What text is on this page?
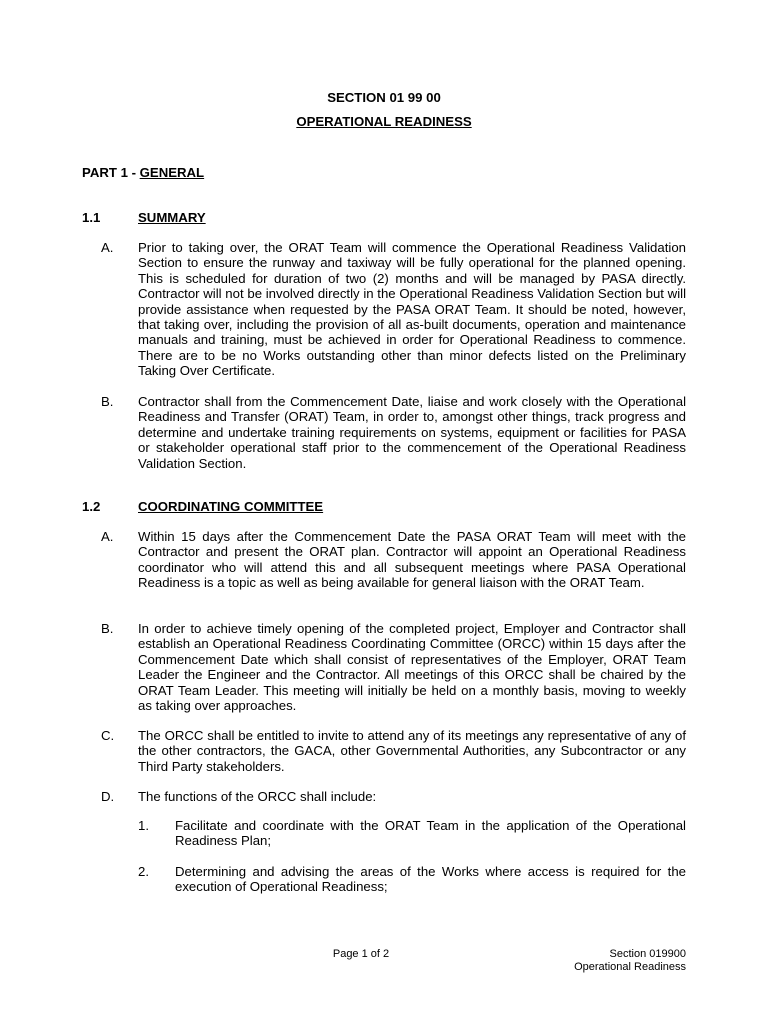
SECTION 01 99 00
OPERATIONAL READINESS
PART 1 - GENERAL
1.1	SUMMARY
A. Prior to taking over, the ORAT Team will commence the Operational Readiness Validation Section to ensure the runway and taxiway will be fully operational for the planned opening. This is scheduled for duration of two (2) months and will be managed by PASA directly. Contractor will not be involved directly in the Operational Readiness Validation Section but will provide assistance when requested by the PASA ORAT Team. It should be noted, however, that taking over, including the provision of all as-built documents, operation and maintenance manuals and training, must be achieved in order for Operational Readiness to commence. There are to be no Works outstanding other than minor defects listed on the Preliminary Taking Over Certificate.
B. Contractor shall from the Commencement Date, liaise and work closely with the Operational Readiness and Transfer (ORAT) Team, in order to, amongst other things, track progress and determine and undertake training requirements on systems, equipment or facilities for PASA or stakeholder operational staff prior to the commencement of the Operational Readiness Validation Section.
1.2	COORDINATING COMMITTEE
A. Within 15 days after the Commencement Date the PASA ORAT Team will meet with the Contractor and present the ORAT plan. Contractor will appoint an Operational Readiness coordinator who will attend this and all subsequent meetings where PASA Operational Readiness is a topic as well as being available for general liaison with the ORAT Team.
B. In order to achieve timely opening of the completed project, Employer and Contractor shall establish an Operational Readiness Coordinating Committee (ORCC) within 15 days after the Commencement Date which shall consist of representatives of the Employer, ORAT Team Leader the Engineer and the Contractor. All meetings of this ORCC shall be chaired by the ORAT Team Leader. This meeting will initially be held on a monthly basis, moving to weekly as taking over approaches.
C. The ORCC shall be entitled to invite to attend any of its meetings any representative of any of the other contractors, the GACA, other Governmental Authorities, any Subcontractor or any Third Party stakeholders.
D. The functions of the ORCC shall include:
1. Facilitate and coordinate with the ORAT Team in the application of the Operational Readiness Plan;
2. Determining and advising the areas of the Works where access is required for the execution of Operational Readiness;
Page 1 of 2	Section 019900
Operational Readiness
